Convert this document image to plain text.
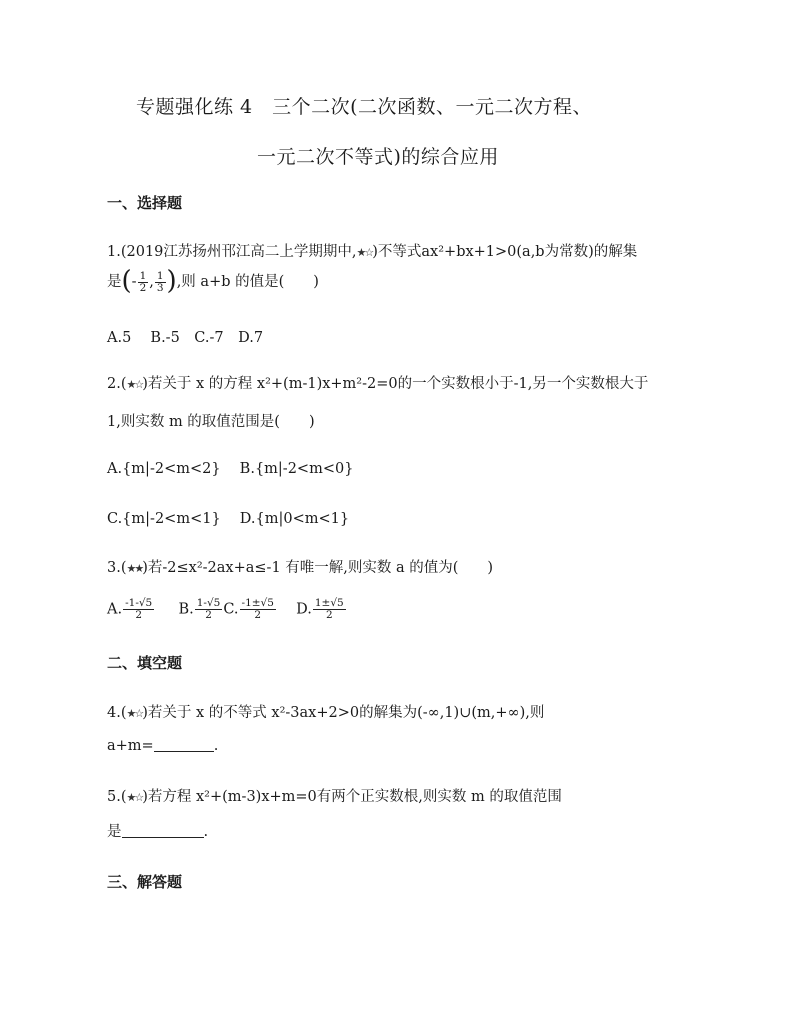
专题强化练 4　三个二次(二次函数、一元二次方程、
一元二次不等式)的综合应用
一、选择题
1.(2019江苏扬州邗江高二上学期期中,★☆)不等式ax²+bx+1>0(a,b为常数)的解集
是(- $\frac{1}{2}$ , $\frac{1}{3}$ ),则 a+b 的值是(　　)
A.5　 B.-5　C.-7　D.7
2.(★☆)若关于 x 的方程 x²+(m-1)x+m²-2=0的一个实数根小于-1,另一个实数根大于
1,则实数 m 的取值范围是(　　)
A.{m|-2<m<2}　 B.{m|-2<m<0}
C.{m|-2<m<1}　 D.{m|0<m<1}
3.(★★)若-2≤x²-2ax+a≤-1 有唯一解,则实数 a 的值为(　　)
A. $\frac{-1-√5}{2} B$. $\frac{1-√5}{2} C$. $\frac{-1\pm√5}{2} D$. $\frac{1\pm√5}{2}$
二、填空题
4.(★☆)若关于 x 的不等式 x²-3ax+2>0的解集为(-∞,1)∪(m,+∞),则
a+m=	.
5.(★☆)若方程 x²+(m-3)x+m=0有两个正实数根,则实数 m 的取值范围
是	.
三、解答题
